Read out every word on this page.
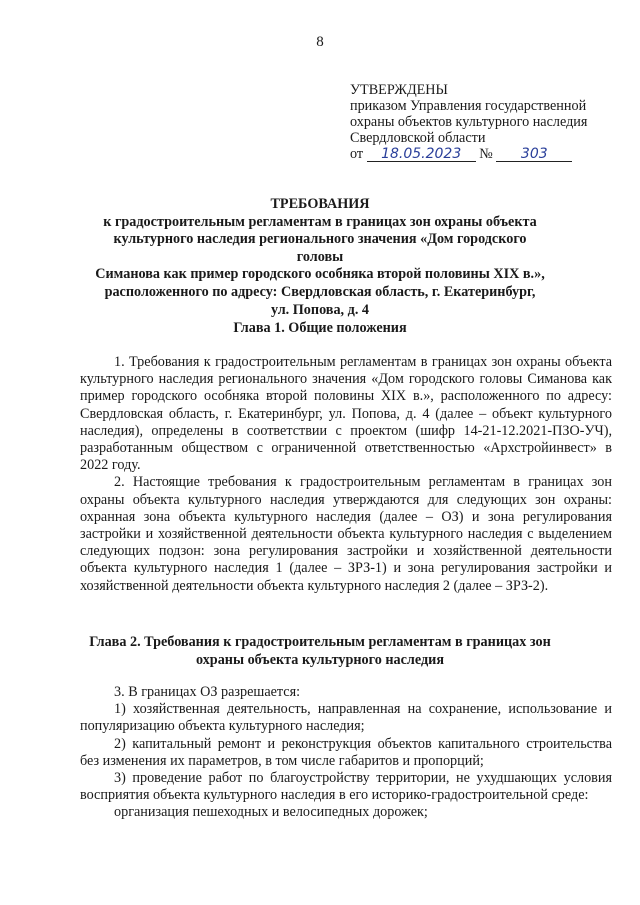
8
УТВЕРЖДЕНЫ
приказом Управления государственной
охраны объектов культурного наследия
Свердловской области
от 18.05.2023 № 303
ТРЕБОВАНИЯ
к градостроительным регламентам в границах зон охраны объекта
культурного наследия регионального значения «Дом городского головы
Симанова как пример городского особняка второй половины XIX в.»,
расположенного по адресу: Свердловская область, г. Екатеринбург,
ул. Попова, д. 4
Глава 1. Общие положения

1. Требования к градостроительным регламентам в границах зон охраны объекта культурного наследия регионального значения «Дом городского головы Симанова как пример городского особняка второй половины XIX в.», расположенного по адресу: Свердловская область, г. Екатеринбург, ул. Попова, д. 4 (далее – объект культурного наследия), определены в соответствии с проектом (шифр 14-21-12.2021-ПЗО-УЧ), разработанным обществом с ограниченной ответственностью «Архстройинвест» в 2022 году.

2. Настоящие требования к градостроительным регламентам в границах зон охраны объекта культурного наследия утверждаются для следующих зон охраны: охранная зона объекта культурного наследия (далее – ОЗ) и зона регулирования застройки и хозяйственной деятельности объекта культурного наследия с выделением следующих подзон: зона регулирования застройки и хозяйственной деятельности объекта культурного наследия 1 (далее – ЗРЗ-1) и зона регулирования застройки и хозяйственной деятельности объекта культурного наследия 2 (далее – ЗРЗ-2).

Глава 2. Требования к градостроительным регламентам в границах зон
охраны объекта культурного наследия

3. В границах ОЗ разрешается:

1) хозяйственная деятельность, направленная на сохранение, использование и популяризацию объекта культурного наследия;

2) капитальный ремонт и реконструкция объектов капитального строительства без изменения их параметров, в том числе габаритов и пропорций;

3) проведение работ по благоустройству территории, не ухудшающих условия восприятия объекта культурного наследия в его историко-градостроительной среде:

организация пешеходных и велосипедных дорожек;
